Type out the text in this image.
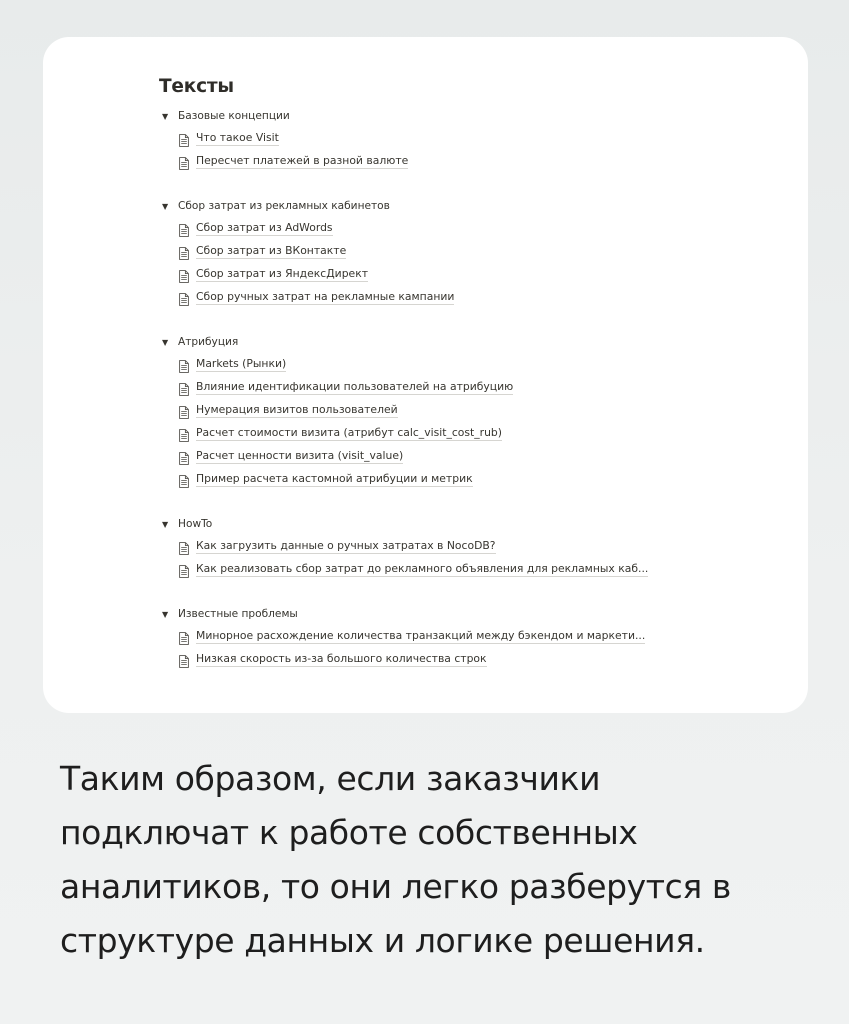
Тексты
▼ Базовые концепции
Что такое Visit
Пересчет платежей в разной валюте
▼ Сбор затрат из рекламных кабинетов
Сбор затрат из AdWords
Сбор затрат из ВКонтакте
Сбор затрат из ЯндексДирект
Сбор ручных затрат на рекламные кампании
▼ Атрибуция
Markets (Рынки)
Влияние идентификации пользователей на атрибуцию
Нумерация визитов пользователей
Расчет стоимости визита (атрибут calc_visit_cost_rub)
Расчет ценности визита (visit_value)
Пример расчета кастомной атрибуции и метрик
▼ HowTo
Как загрузить данные о ручных затратах в NocoDB?
Как реализовать сбор затрат до рекламного объявления для рекламных каб...
▼ Известные проблемы
Минорное расхождение количества транзакций между бэкендом и маркети...
Низкая скорость из-за большого количества строк
Таким образом, если заказчики
подключат к работе собственных
аналитиков, то они легко разберутся в
структуре данных и логике решения.
